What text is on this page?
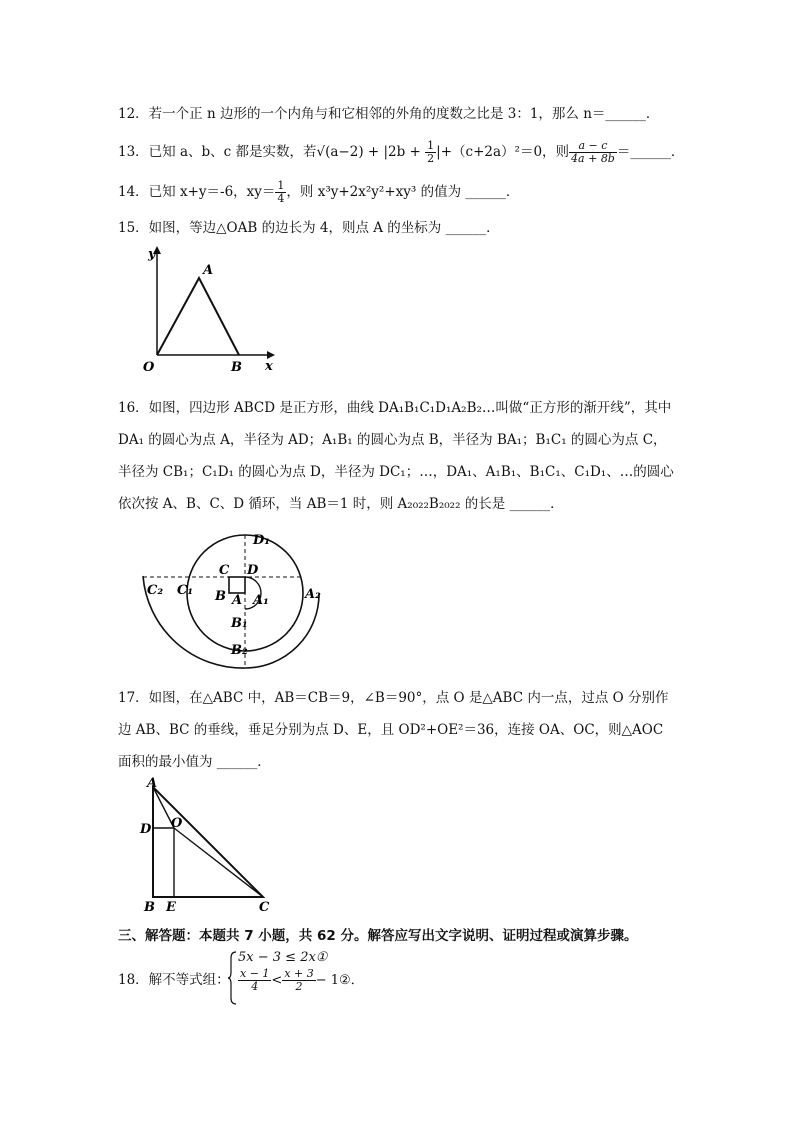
12．若一个正 n 边形的一个内角与和它相邻的外角的度数之比是 3：1，那么 n＝______．
13．已知 a、b、c 都是实数，若$√(a-2) + |2b + \frac{1}{2} |+(c+2a)^2=0$，则 $\frac{a - c}{4a + 8b}$ ＝______．
14．已知 x+y＝-6，$xy= \frac{1}{4}$ ，则 x³y+2x²y²+xy³ 的值为 ______．
15．如图，等边△OAB 的边长为 4，则点 A 的坐标为 ______．
y
x
O
A
B
16．如图，四边形 ABCD 是正方形，曲线 DA₁B₁C₁D₁A₂B₂…叫做“正方形的渐开线”，其中 DA₁ 的圆心为点 A，半径为 AD；A₁B₁ 的圆心为点 B，半径为 BA₁；B₁C₁ 的圆心为点 C，半径为 CB₁；C₁D₁ 的圆心为点 D，半径为 DC₁；…，DA₁、A₁B₁、B₁C₁、C₁D₁、…的圆心依次按 A、B、C、D 循环，当 AB＝1 时，则 A₂₀₂₂B₂₀₂₂ 的长是 ______．
D₁
C D
C₂ C₁ B A A₁	A₂
B₁
B₂
17．如图，在△ABC 中，AB＝CB＝9，∠B＝90°，点 O 是△ABC 内一点，过点 O 分别作边 AB、BC 的垂线，垂足分别为点 D、E，且 OD²+OE²＝36，连接 OA、OC，则△AOC 面积的最小值为 ______．
A
D O
B E	C
三、解答题：本题共 7 小题，共 62 分。解答应写出文字说明、证明过程或演算步骤。
18．解不等式组：
5x − 3 ≤ 2x①
$\frac{x - 1}{4} < \frac{x + 3}{2}$ − 1②．
